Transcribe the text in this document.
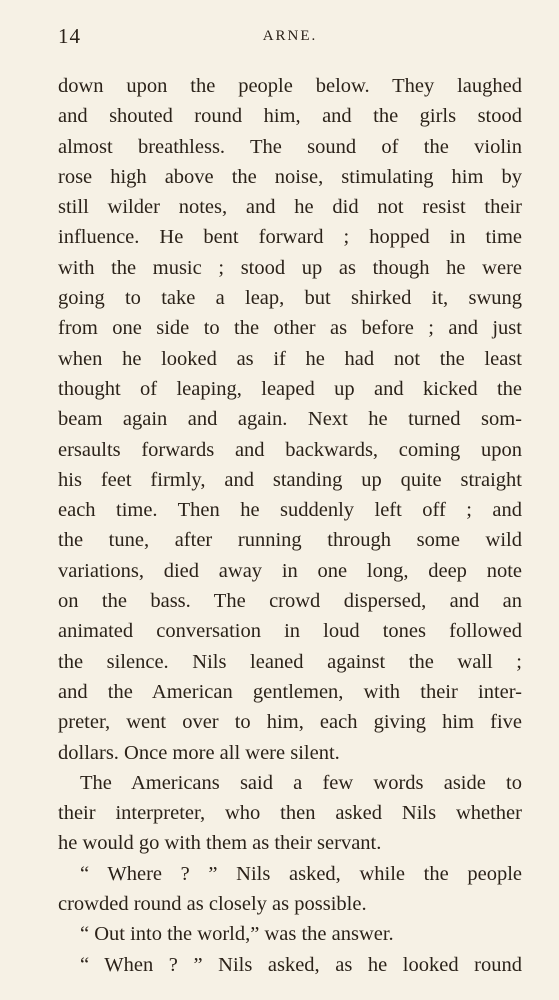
14	ARNE.
down upon the people below. They laughed
and shouted round him, and the girls stood
almost breathless. The sound of the violin
rose high above the noise, stimulating him by
still wilder notes, and he did not resist their
influence. He bent forward ; hopped in time
with the music ; stood up as though he were
going to take a leap, but shirked it, swung
from one side to the other as before ; and just
when he looked as if he had not the least
thought of leaping, leaped up and kicked the
beam again and again. Next he turned som-
ersaults forwards and backwards, coming upon
his feet firmly, and standing up quite straight
each time. Then he suddenly left off ; and
the tune, after running through some wild
variations, died away in one long, deep note
on the bass. The crowd dispersed, and an
animated conversation in loud tones followed
the silence. Nils leaned against the wall ;
and the American gentlemen, with their inter-
preter, went over to him, each giving him five
dollars. Once more all were silent.
The Americans said a few words aside to
their interpreter, who then asked Nils whether
he would go with them as their servant.
“ Where ? ” Nils asked, while the people
crowded round as closely as possible.
“ Out into the world,” was the answer.
“ When ? ” Nils asked, as he looked round
